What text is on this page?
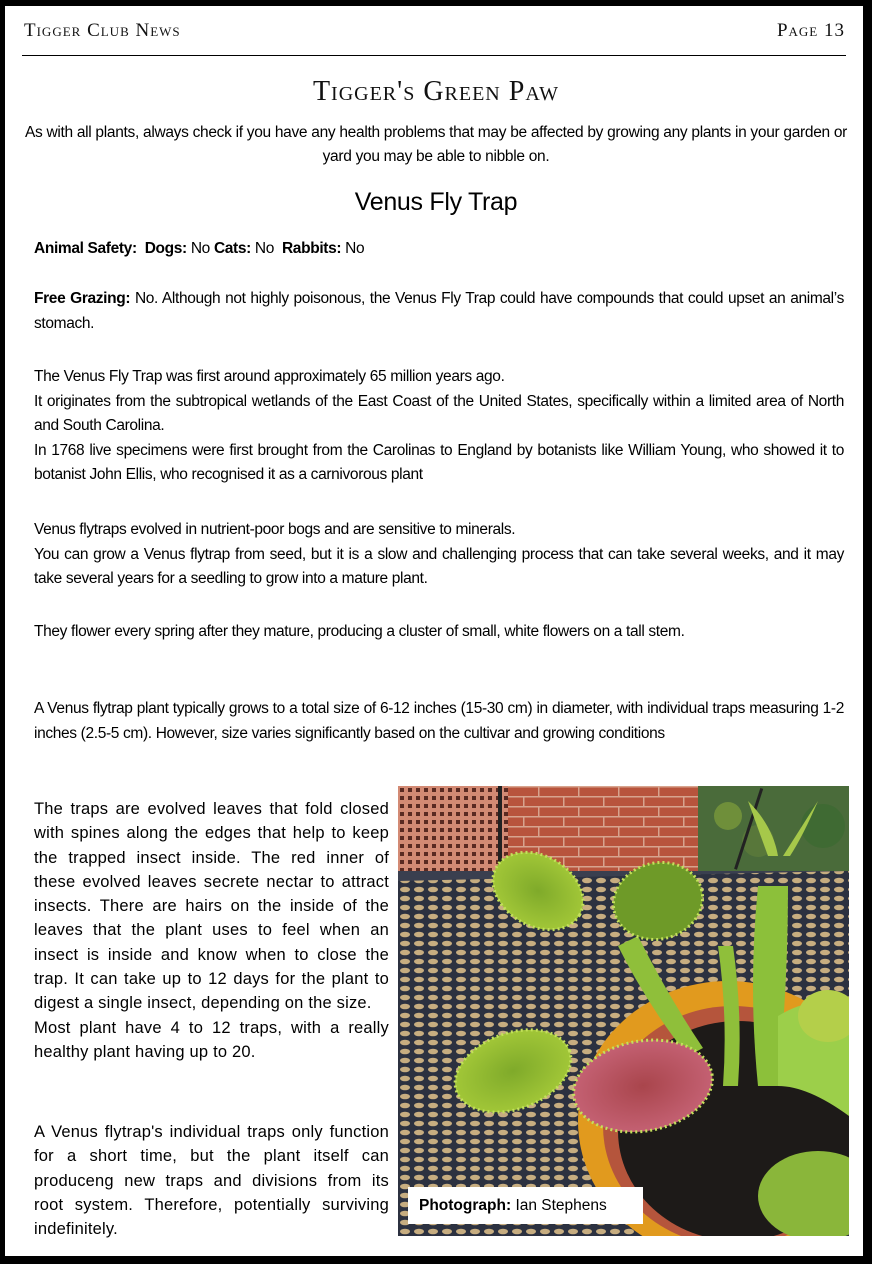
Tigger Club News	Page 13
Tigger's Green Paw
As with all plants, always check if you have any health problems that may be affected by growing any plants in your garden or yard you may be able to nibble on.
Venus Fly Trap

Animal Safety: Dogs: No Cats: No Rabbits: No

Free Grazing: No. Although not highly poisonous, the Venus Fly Trap could have compounds that could upset an animal’s stomach.

The Venus Fly Trap was first around approximately 65 million years ago.

It originates from the subtropical wetlands of the East Coast of the United States, specifically within a limited area of North and South Carolina.

In 1768 live specimens were first brought from the Carolinas to England by botanists like William Young, who showed it to botanist John Ellis, who recognised it as a carnivorous plant

Venus flytraps evolved in nutrient-poor bogs and are sensitive to minerals.

You can grow a Venus flytrap from seed, but it is a slow and challenging process that can take several weeks, and it may take several years for a seedling to grow into a mature plant.

They flower every spring after they mature, producing a cluster of small, white flowers on a tall stem.

A Venus flytrap plant typically grows to a total size of 6-12 inches (15-30 cm) in diameter, with individual traps measuring 1-2 inches (2.5-5 cm). However, size varies significantly based on the cultivar and growing conditions

The traps are evolved leaves that fold closed with spines along the edges that help to keep the trapped insect inside. The red inner of these evolved leaves secrete nectar to attract insects. There are hairs on the inside of the leaves that the plant uses to feel when an insect is inside and know when to close the trap. It can take up to 12 days for the plant to digest a single insect, depending on the size.

Most plant have 4 to 12 traps, with a really healthy plant having up to 20.

A Venus flytrap's individual traps only function for a short time, but the plant itself can produceng new traps and divisions from its root system. Therefore, potentially surviving indefinitely.

Photograph: Ian Stephens
